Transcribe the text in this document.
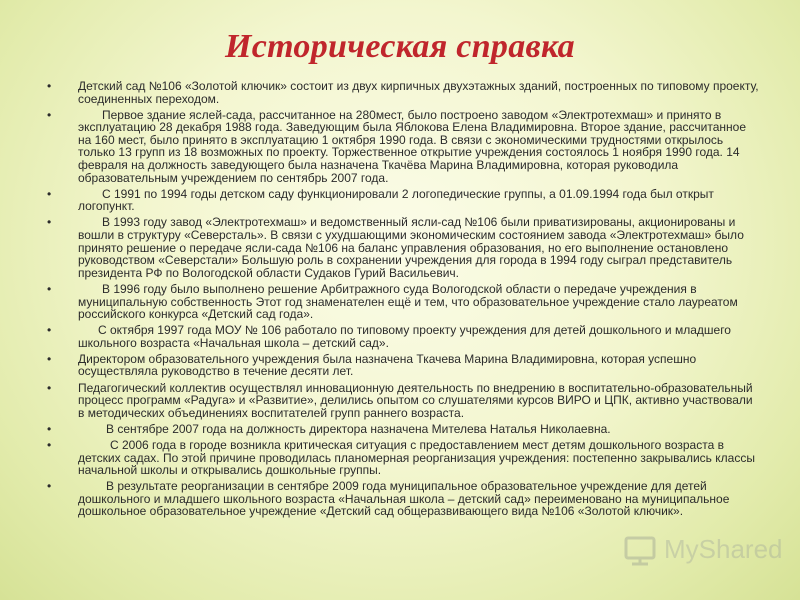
Историческая справка
• Детский сад №106 «Золотой ключик» состоит из двух кирпичных двухэтажных зданий, построенных по типовому проекту, соединенных переходом.
•	Первое здание яслей-сада, рассчитанное на 280мест, было построено заводом «Электротехмаш» и принято в эксплуатацию 28 декабря 1988 года. Заведующим была Яблокова Елена Владимировна. Второе здание, рассчитанное на 160 мест, было принято в эксплуатацию 1 октября 1990 года. В связи с экономическими трудностями открылось только 13 групп из 18 возможных по проекту. Торжественное открытие учреждения состоялось 1 ноября 1990 года. 14 февраля на должность заведующего была назначена Ткачёва Марина Владимировна, которая руководила образовательным учреждением по сентябрь 2007 года.
•	С 1991 по 1994 годы детском саду функционировали 2 логопедические группы, а 01.09.1994 года был открыт логопункт.
•	В 1993 году завод «Электротехмаш» и ведомственный ясли-сад №106 были приватизированы, акционированы и вошли в структуру «Северсталь». В связи с ухудшающими экономическим состоянием завода «Электротехмаш» было принято решение о передаче ясли-сада №106 на баланс управления образования, но его выполнение остановлено руководством «Северстали» Большую роль в сохранении учреждения для города в 1994 году сыграл представитель президента РФ по Вологодской области Судаков Гурий Васильевич.
•	В 1996 году было выполнено решение Арбитражного суда Вологодской области о передаче учреждения в муниципальную собственность Этот год знаменателен ещё и тем, что образовательное учреждение стало лауреатом российского конкурса «Детский сад года».
•	С октября 1997 года МОУ № 106 работало по типовому проекту учреждения для детей дошкольного и младшего школьного возраста «Начальная школа – детский сад».
• Директором образовательного учреждения была назначена Ткачева Марина Владимировна, которая успешно осуществляла руководство в течение десяти лет.
• Педагогический коллектив осуществлял инновационную деятельность по внедрению в воспитательно-образовательный процесс программ «Радуга» и «Развитие», делились опытом со слушателями курсов ВИРО и ЦПК, активно участвовали в методических объединениях воспитателей групп раннего возраста.
•	В сентябре 2007 года на должность директора назначена Мителева Наталья Николаевна.
•	С 2006 года в городе возникла критическая ситуация с предоставлением мест детям дошкольного возраста в детских садах. По этой причине проводилась планомерная реорганизация учреждения: постепенно закрывались классы начальной школы и открывались дошкольные группы.
•	В результате реорганизации в сентябре 2009 года муниципальное образовательное учреждение для детей дошкольного и младшего школьного возраста «Начальная школа – детский сад» переименовано на муниципальное дошкольное образовательное учреждение «Детский сад общеразвивающего вида №106 «Золотой ключик».
MyShared
